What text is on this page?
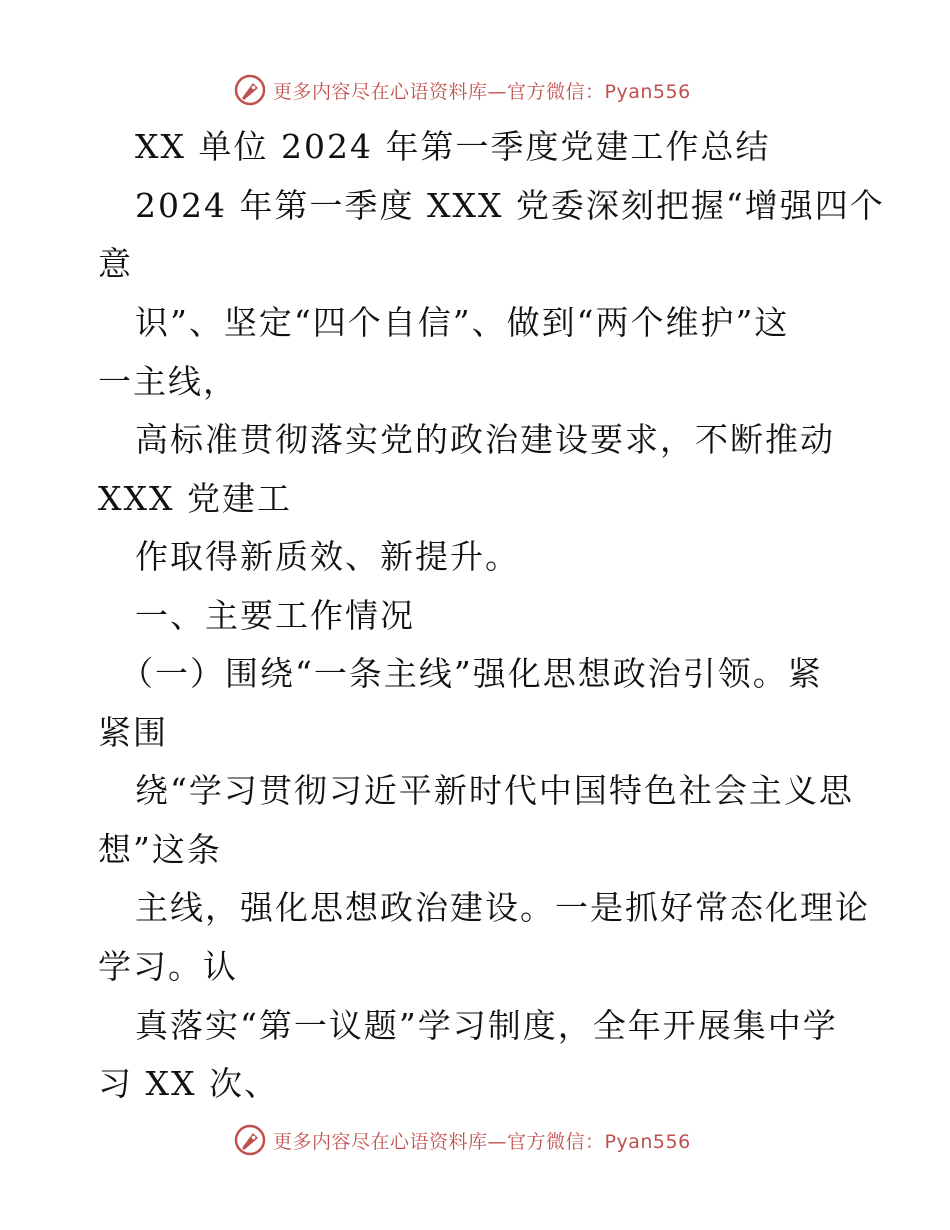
更多内容尽在心语资料库—官方微信：Pyan556
XX 单位 2024 年第一季度党建工作总结
2024 年第一季度 XXX 党委深刻把握“增强四个
意
识”、坚定“四个自信”、做到“两个维护”这
一主线，
高标准贯彻落实党的政治建设要求，不断推动
XXX 党建工
作取得新质效、新提升。
一、主要工作情况
（一）围绕“一条主线”强化思想政治引领。紧
紧围
绕“学习贯彻习近平新时代中国特色社会主义思
想”这条
主线，强化思想政治建设。一是抓好常态化理论
学习。认
真落实“第一议题”学习制度，全年开展集中学
习 XX 次、
更多内容尽在心语资料库—官方微信：Pyan556
